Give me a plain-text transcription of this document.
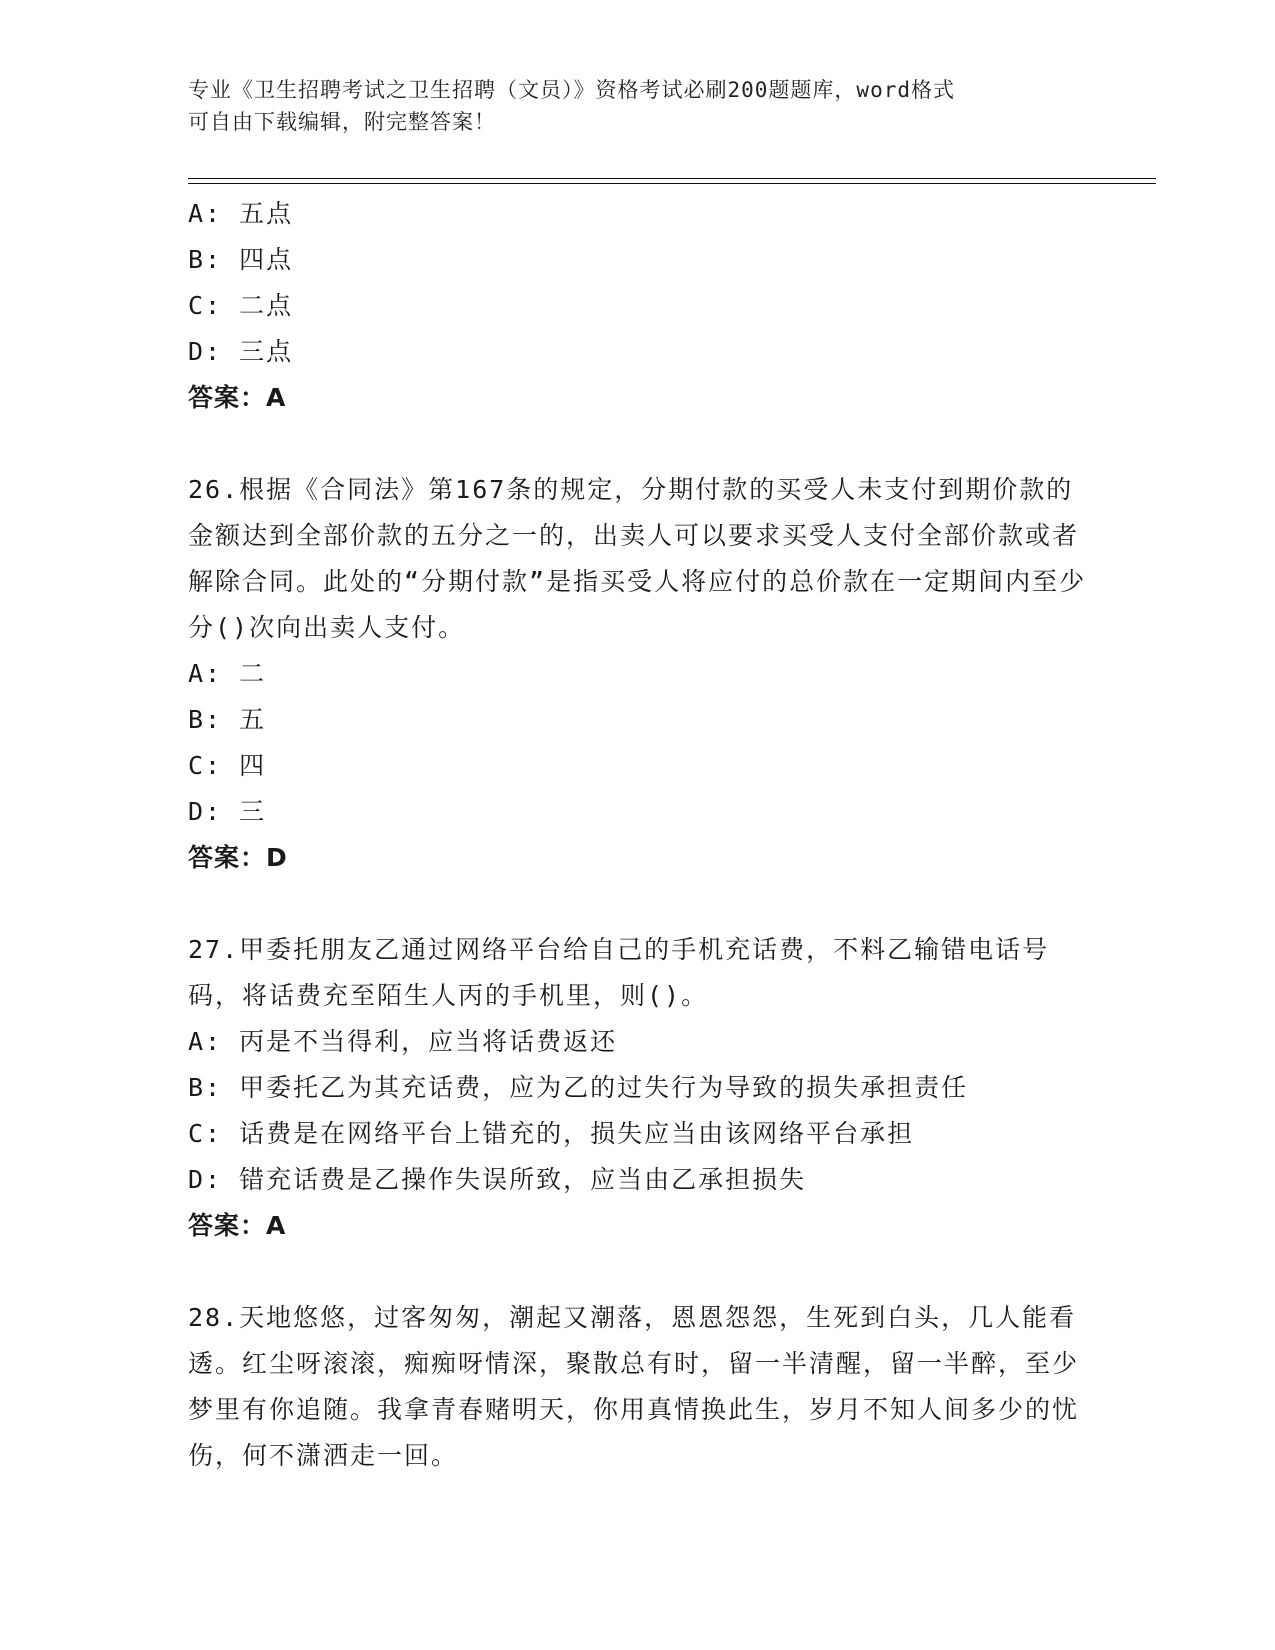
专业《卫生招聘考试之卫生招聘（文员）》资格考试必刷200题题库，word格式
可自由下载编辑，附完整答案！
A: 五点
B: 四点
C: 二点
D: 三点
答案：A
26.根据《合同法》第167条的规定，分期付款的买受人未支付到期价款的金额达到全部价款的五分之一的，出卖人可以要求买受人支付全部价款或者解除合同。此处的“分期付款”是指买受人将应付的总价款在一定期间内至少分()次向出卖人支付。
A: 二
B: 五
C: 四
D: 三
答案：D
27.甲委托朋友乙通过网络平台给自己的手机充话费，不料乙输错电话号码，将话费充至陌生人丙的手机里，则()。
A: 丙是不当得利，应当将话费返还
B: 甲委托乙为其充话费，应为乙的过失行为导致的损失承担责任
C: 话费是在网络平台上错充的，损失应当由该网络平台承担
D: 错充话费是乙操作失误所致，应当由乙承担损失
答案：A
28.天地悠悠，过客匆匆，潮起又潮落，恩恩怨怨，生死到白头，几人能看透。红尘呀滚滚，痴痴呀情深，聚散总有时，留一半清醒，留一半醉，至少梦里有你追随。我拿青春赌明天，你用真情换此生，岁月不知人间多少的忧伤，何不潇洒走一回。
